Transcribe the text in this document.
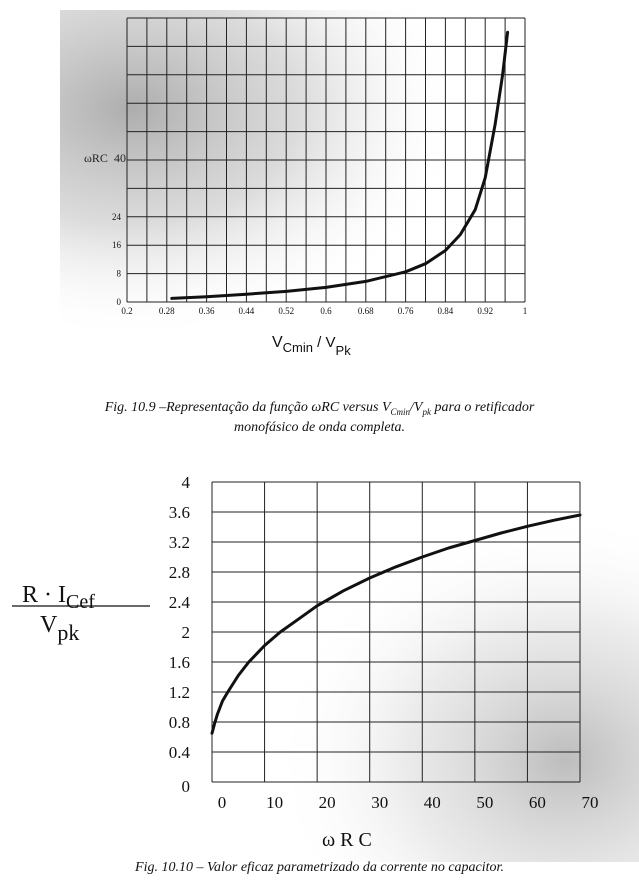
0.2	0.28	0.36	0.44	0.52	0.6	0.68	0.76	0.84	0.92	1
0
8
16
24
ωRC 40
$V_{Cmin} / V_{Pk}$
Fig. 10.9 –Representação da função ωRC versus $V_{Cmin}/V_{pk}$ para o retificador
monofásico de onda completa.
0 10 20 30 40 50 60 70
0
0.4
0.8
1.2
1.6
2
2.4
2.8
3.2
3.6
4
$R \cdot I_{Cef}$
Vpk
ω R C
Fig. 10.10 – Valor eficaz parametrizado da corrente no capacitor.
